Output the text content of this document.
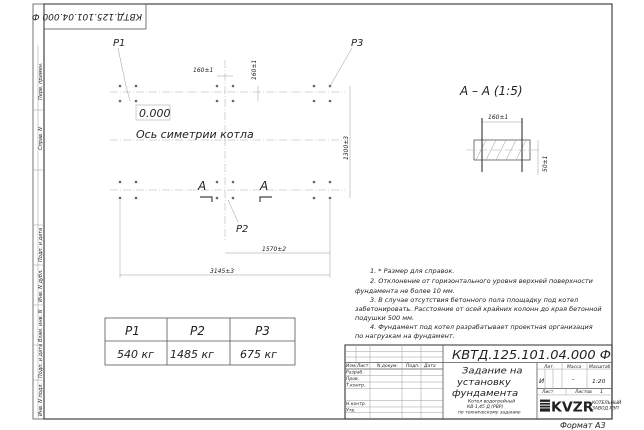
Перв. примен.
Справ. N
Подп. и дата
Инв. N дубл.
Взам. инв. N
Подп. и дата
Инв. N подл.
КВТД.125.101.04.000 Ф
0.000
Ось симетрии котла
P1	P3
P2
160±1	160±1
1300±3
1570±2
3145±3
А	А
А – А (1:5)
160±1
50±1
1. * Размер для справок.
2. Отклонение от горизонтального уровня верхней поверхности
фундамента не более 10 мм.
3. В случае отсутствия бетонного пола площадку под котел
забетонировать. Расстояние от осей крайних колонн до края бетонной
подушки 500 мм.
4. Фундамент под котел разрабатывает проектная организация
по нагрузкам на фундамент.
P1	P2	P3
540 кг 1485 кг 675 кг
Изм. Лист N докум. Подп. Дата
Разраб.
Пров.
Т.контр.
Н.контр.
Утв.
КВТД.125.101.04.000 Ф
Задание на
установку
фундамента
Котел водогрейный
КВ-1,45 Д (РВР)
по техническому заданию
Лит.	Масса Масштаб
И	-	1:20
Лист	Листов 1
KVZR
КОТЕЛЬНЫЙ
ЗАВОД РЭП
Формат А3
